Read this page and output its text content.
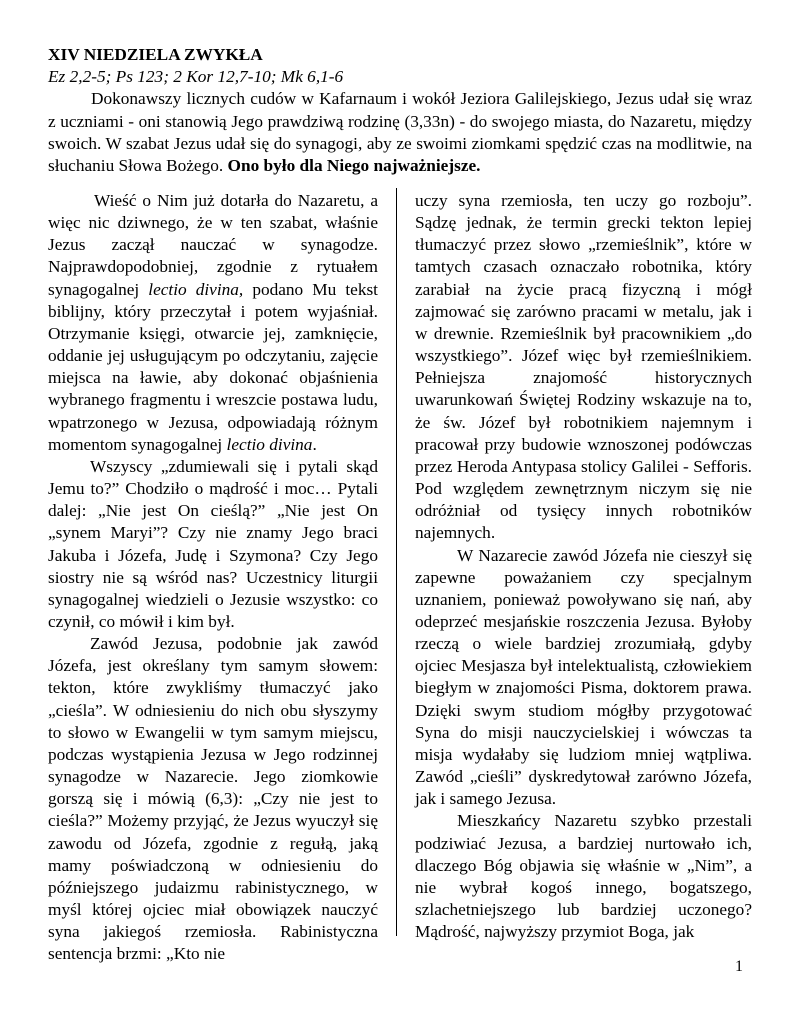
XIV NIEDZIELA ZWYKŁA
Ez 2,2-5; Ps 123; 2 Kor 12,7-10; Mk 6,1-6

Dokonawszy licznych cudów w Kafarnaum i wokół Jeziora Galilejskiego, Jezus udał się wraz z uczniami - oni stanowią Jego prawdziwą rodzinę (3,33n) - do swojego miasta, do Nazaretu, między swoich. W szabat Jezus udał się do synagogi, aby ze swoimi ziomkami spędzić czas na modlitwie, na słuchaniu Słowa Bożego. Ono było dla Niego najważniejsze.

Wieść o Nim już dotarła do Nazaretu, a więc nic dziwnego, że w ten szabat, właśnie Jezus zaczął nauczać w synagodze. Najprawdopodobniej, zgodnie z rytuałem synagogalnej lectio divina, podano Mu tekst biblijny, który przeczytał i potem wyjaśniał. Otrzymanie księgi, otwarcie jej, zamknięcie, oddanie jej usługującym po odczytaniu, zajęcie miejsca na ławie, aby dokonać objaśnienia wybranego fragmentu i wreszcie postawa ludu, wpatrzonego w Jezusa, odpowiadają różnym momentom synagogalnej lectio divina.

Wszyscy „zdumiewali się i pytali skąd Jemu to?” Chodziło o mądrość i moc… Pytali dalej: „Nie jest On cieślą?” „Nie jest On „synem Maryi”? Czy nie znamy Jego braci Jakuba i Józefa, Judę i Szymona? Czy Jego siostry nie są wśród nas? Uczestnicy liturgii synagogalnej wiedzieli o Jezusie wszystko: co czynił, co mówił i kim był.

Zawód Jezusa, podobnie jak zawód Józefa, jest określany tym samym słowem: tekton, które zwykliśmy tłumaczyć jako „cieśla”. W odniesieniu do nich obu słyszymy to słowo w Ewangelii w tym samym miejscu, podczas wystąpienia Jezusa w Jego rodzinnej synagodze w Nazarecie. Jego ziomkowie gorszą się i mówią (6,3): „Czy nie jest to cieśla?” Możemy przyjąć, że Jezus wyuczył się zawodu od Józefa, zgodnie z regułą, jaką mamy poświadczoną w odniesieniu do późniejszego judaizmu rabinistycznego, w myśl której ojciec miał obowiązek nauczyć syna jakiegoś rzemiosła. Rabinistyczna sentencja brzmi: „Kto nie

uczy syna rzemiosła, ten uczy go rozboju”. Sądzę jednak, że termin grecki tekton lepiej tłumaczyć przez słowo „rzemieślnik”, które w tamtych czasach oznaczało robotnika, który zarabiał na życie pracą fizyczną i mógł zajmować się zarówno pracami w metalu, jak i w drewnie. Rzemieślnik był pracownikiem „do wszystkiego”. Józef więc był rzemieślnikiem. Pełniejsza znajomość historycznych uwarunkowań Świętej Rodziny wskazuje na to, że św. Józef był robotnikiem najemnym i pracował przy budowie wznoszonej podówczas przez Heroda Antypasa stolicy Galilei - Sefforis. Pod względem zewnętrznym niczym się nie odróżniał od tysięcy innych robotników najemnych.

W Nazarecie zawód Józefa nie cieszył się zapewne poważaniem czy specjalnym uznaniem, ponieważ powoływano się nań, aby odeprzeć mesjańskie roszczenia Jezusa. Byłoby rzeczą o wiele bardziej zrozumiałą, gdyby ojciec Mesjasza był intelektualistą, człowiekiem biegłym w znajomości Pisma, doktorem prawa. Dzięki swym studiom mógłby przygotować Syna do misji nauczycielskiej i wówczas ta misja wydałaby się ludziom mniej wątpliwa. Zawód „cieśli” dyskredytował zarówno Józefa, jak i samego Jezusa.

Mieszkańcy Nazaretu szybko przestali podziwiać Jezusa, a bardziej nurtowało ich, dlaczego Bóg objawia się właśnie w „Nim”, a nie wybrał kogoś innego, bogatszego, szlachetniejszego lub bardziej uczonego? Mądrość, najwyższy przymiot Boga, jak

1
